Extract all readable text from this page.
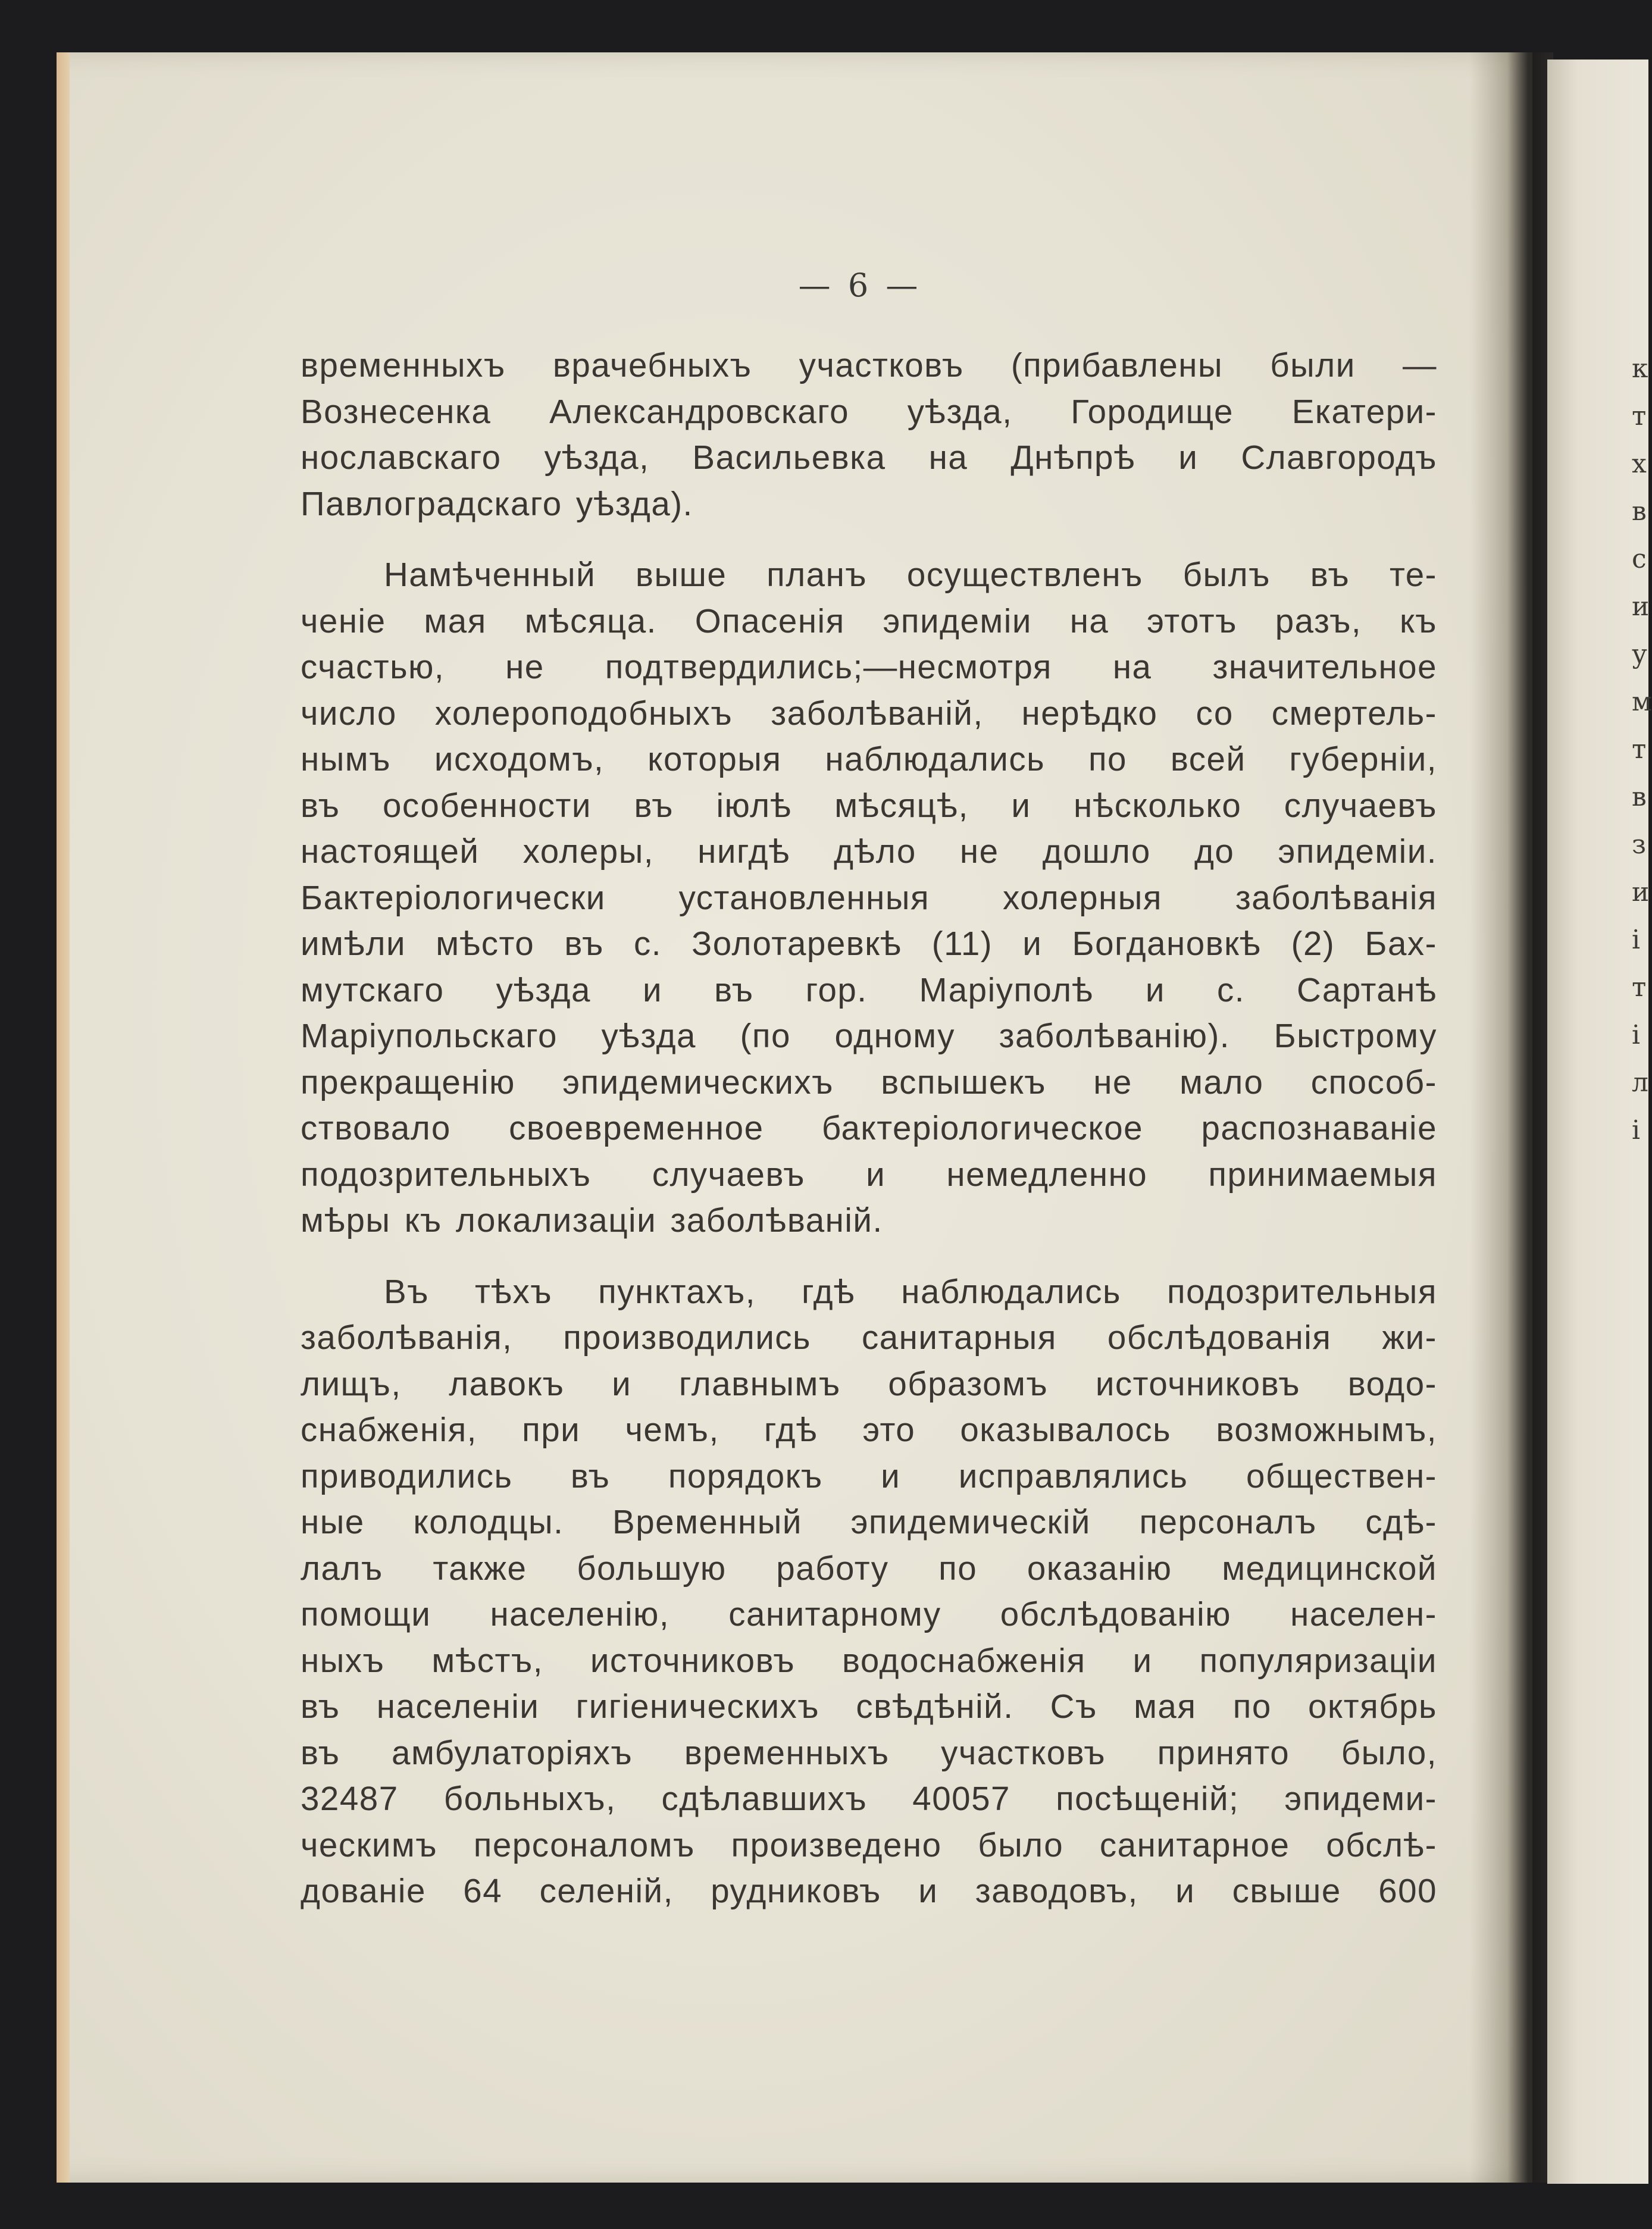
к
т
х
в
с
и
у
м
т
в
з
и
і
т
і
л
і
— 6 —
временныхъ врачебныхъ участковъ (прибавлены были —
Вознесенка Александровскаго уѣзда, Городище Екатери-
нославскаго уѣзда, Васильевка на Днѣпрѣ и Славгородъ
Павлоградскаго уѣзда).
Намѣченный выше планъ осуществленъ былъ въ те-
ченіе мая мѣсяца. Опасенія эпидеміи на этотъ разъ, къ
счастью, не подтвердились;—несмотря на значительное
число холероподобныхъ заболѣваній, нерѣдко со смертель-
нымъ исходомъ, которыя наблюдались по всей губерніи,
въ особенности въ іюлѣ мѣсяцѣ, и нѣсколько случаевъ
настоящей холеры, нигдѣ дѣло не дошло до эпидеміи.
Бактеріологически установленныя холерныя заболѣванія
имѣли мѣсто въ с. Золотаревкѣ (11) и Богдановкѣ (2) Бах-
мутскаго уѣзда и въ гор. Маріуполѣ и с. Сартанѣ
Маріупольскаго уѣзда (по одному заболѣванію). Быстрому
прекращенію эпидемическихъ вспышекъ не мало способ-
ствовало своевременное бактеріологическое распознаваніе
подозрительныхъ случаевъ и немедленно принимаемыя
мѣры къ локализаціи заболѣваній.
Въ тѣхъ пунктахъ, гдѣ наблюдались подозрительныя
заболѣванія, производились санитарныя обслѣдованія жи-
лищъ, лавокъ и главнымъ образомъ источниковъ водо-
снабженія, при чемъ, гдѣ это оказывалось возможнымъ,
приводились въ порядокъ и исправлялись обществен-
ные колодцы. Временный эпидемическій персоналъ сдѣ-
лалъ также большую работу по оказанію медицинской
помощи населенію, санитарному обслѣдованію населен-
ныхъ мѣстъ, источниковъ водоснабженія и популяризаціи
въ населеніи гигіеническихъ свѣдѣній. Съ мая по октябрь
въ амбулаторіяхъ временныхъ участковъ принято было,
32487 больныхъ, сдѣлавшихъ 40057 посѣщеній; эпидеми-
ческимъ персоналомъ произведено было санитарное обслѣ-
дованіе 64 селеній, рудниковъ и заводовъ, и свыше 600
